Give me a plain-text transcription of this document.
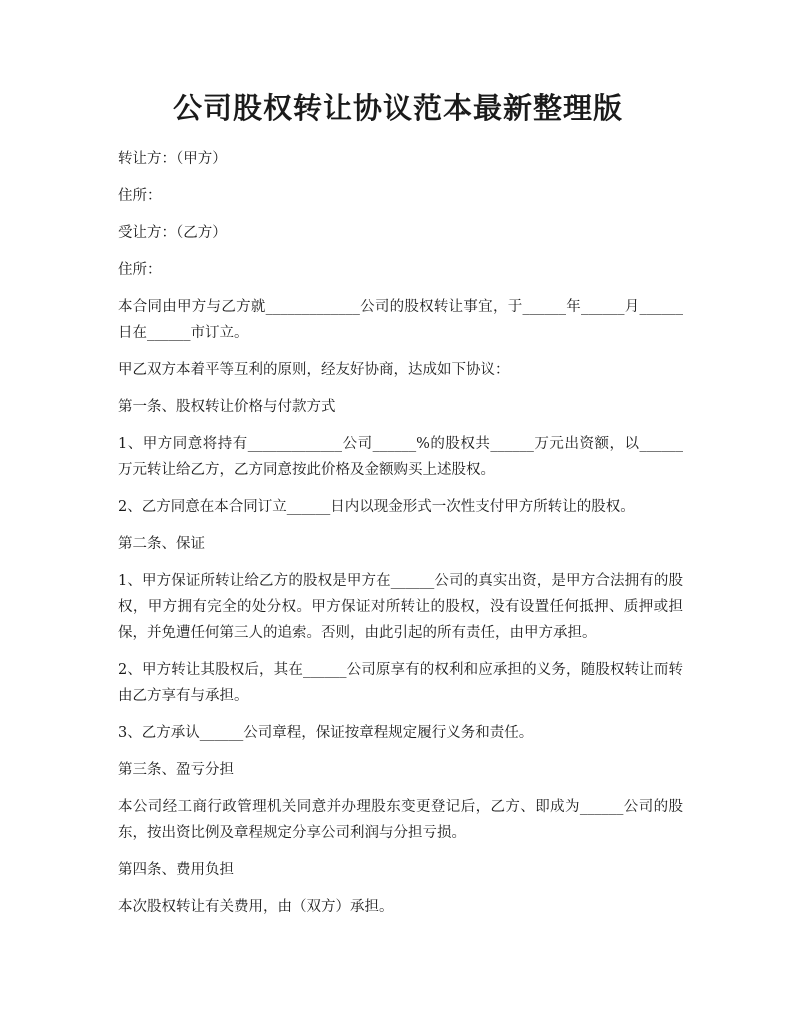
公司股权转让协议范本最新整理版

转让方：（甲方）

住所：

受让方：（乙方）

住所：

本合同由甲方与乙方就_____________公司的股权转让事宜，于______年______月______日在______市订立。

甲乙双方本着平等互利的原则，经友好协商，达成如下协议：

第一条、股权转让价格与付款方式

1、甲方同意将持有_____________公司______%的股权共______万元出资额，以______万元转让给乙方，乙方同意按此价格及金额购买上述股权。

2、乙方同意在本合同订立______日内以现金形式一次性支付甲方所转让的股权。

第二条、保证

1、甲方保证所转让给乙方的股权是甲方在______公司的真实出资，是甲方合法拥有的股权，甲方拥有完全的处分权。甲方保证对所转让的股权，没有设置任何抵押、质押或担保，并免遭任何第三人的追索。否则，由此引起的所有责任，由甲方承担。

2、甲方转让其股权后，其在______公司原享有的权利和应承担的义务，随股权转让而转由乙方享有与承担。

3、乙方承认______公司章程，保证按章程规定履行义务和责任。

第三条、盈亏分担

本公司经工商行政管理机关同意并办理股东变更登记后，乙方、即成为______公司的股东，按出资比例及章程规定分享公司利润与分担亏损。

第四条、费用负担

本次股权转让有关费用，由（双方）承担。
